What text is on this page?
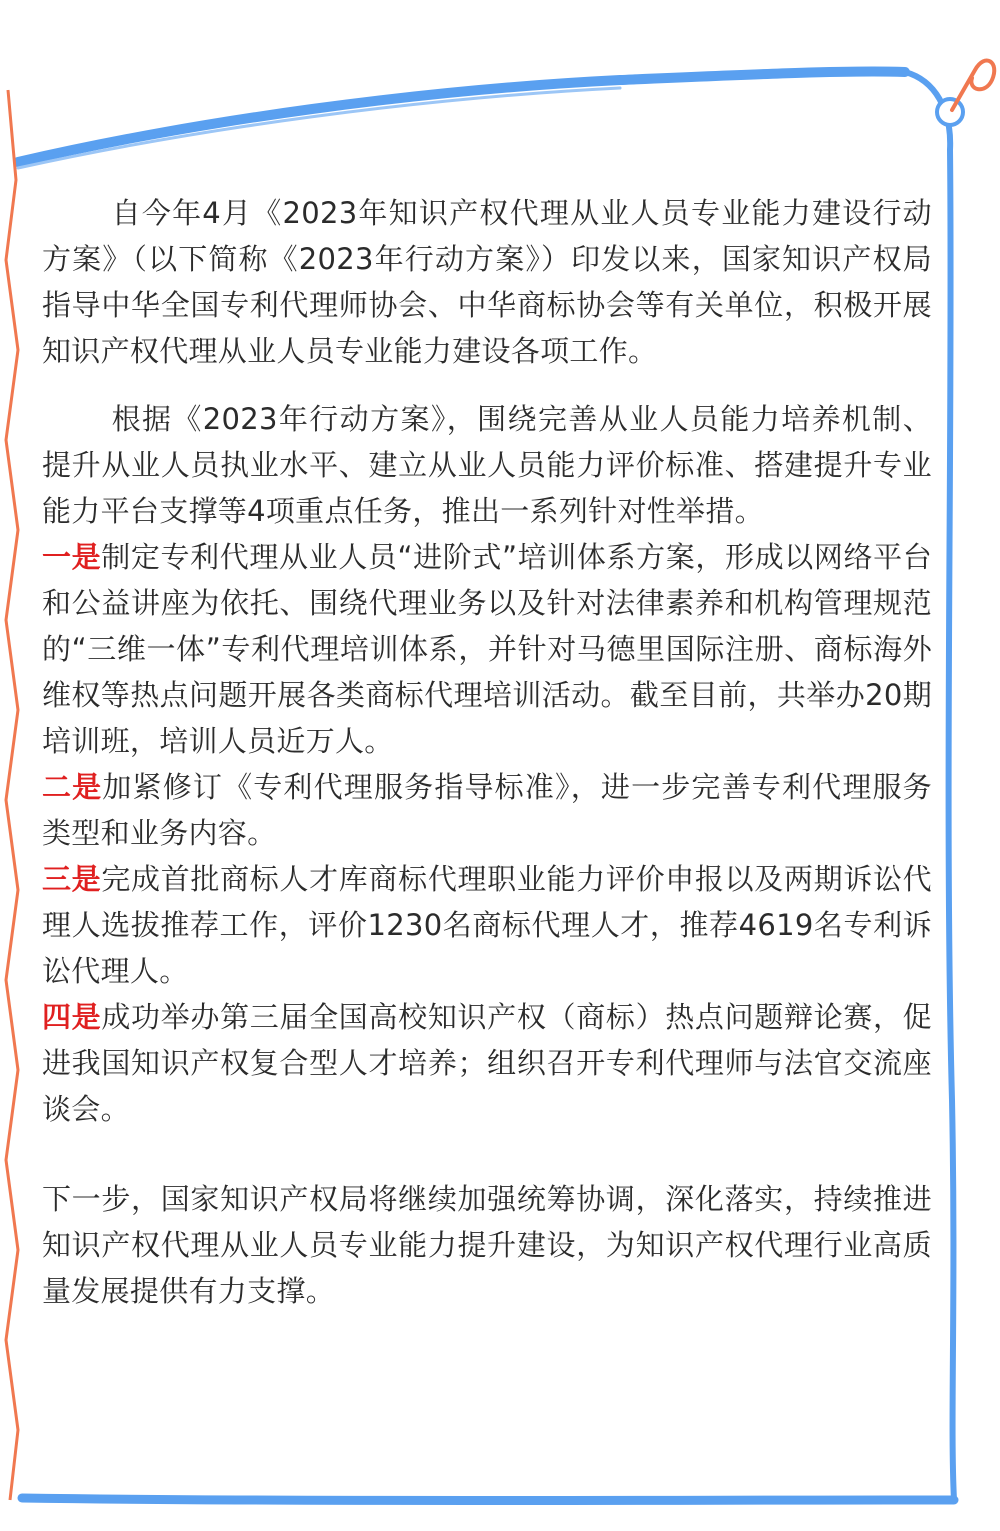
自今年4月《2023年知识产权代理从业人员专业能力建设行动方案》（以下简称《2023年行动方案》）印发以来，国家知识产权局指导中华全国专利代理师协会、中华商标协会等有关单位，积极开展知识产权代理从业人员专业能力建设各项工作。

根据《2023年行动方案》，围绕完善从业人员能力培养机制、提升从业人员执业水平、建立从业人员能力评价标准、搭建提升专业能力平台支撑等4项重点任务，推出一系列针对性举措。

一是制定专利代理从业人员“进阶式”培训体系方案，形成以网络平台和公益讲座为依托、围绕代理业务以及针对法律素养和机构管理规范的“三维一体”专利代理培训体系，并针对马德里国际注册、商标海外维权等热点问题开展各类商标代理培训活动。截至目前，共举办20期培训班，培训人员近万人。

二是加紧修订《专利代理服务指导标准》，进一步完善专利代理服务类型和业务内容。

三是完成首批商标人才库商标代理职业能力评价申报以及两期诉讼代理人选拔推荐工作，评价1230名商标代理人才，推荐4619名专利诉讼代理人。

四是成功举办第三届全国高校知识产权（商标）热点问题辩论赛，促进我国知识产权复合型人才培养；组织召开专利代理师与法官交流座谈会。

下一步，国家知识产权局将继续加强统筹协调，深化落实，持续推进知识产权代理从业人员专业能力提升建设，为知识产权代理行业高质量发展提供有力支撑。
